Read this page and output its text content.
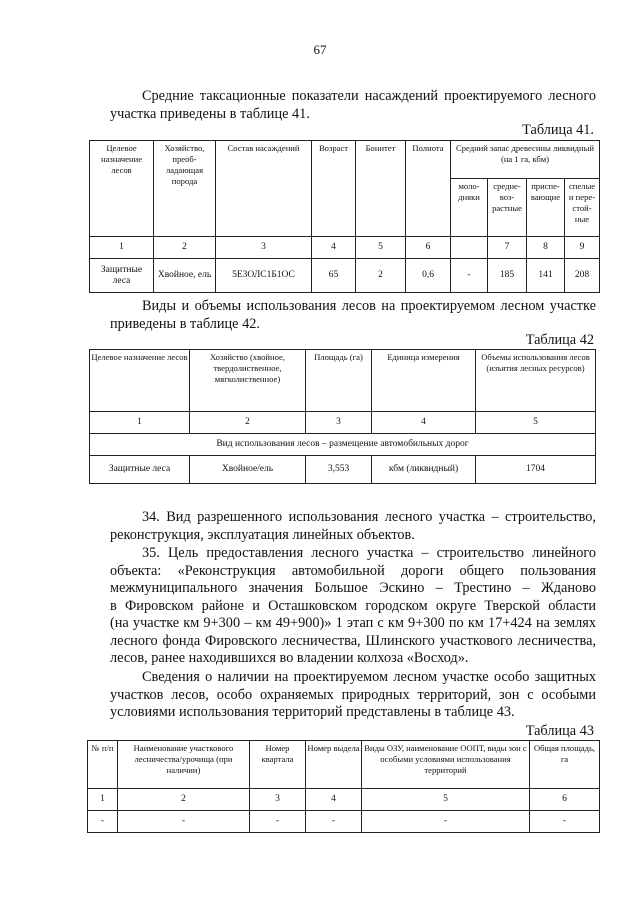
67
Средние таксационные показатели насаждений проектируемого лесного
участка приведены в таблице 41.
Таблица 41.
Целевое назначение лесов	Хозяйство, преоб-ладающая порода	Состав насаждений	Возраст	Бонитет	Полнота	Средний запас древесины ликвидный (на 1 га, кбм)			
						моло-дняки	средне-воз-растные	приспе-вающие	спелые и пере-стой-ные
1	2	3	4	5	6		7	8	9
Защитные леса	Хвойное, ель	5Е3ОЛС1Б1ОС	65	2	0,6	-	185	141	208
Виды и объемы использования лесов на проектируемом лесном участке
приведены в таблице 42.
Таблица 42
Целевое назначение лесов	Хозяйство (хвойное, твердолиственное, мягколиственное)	Площадь (га)	Единица измерения	Объемы использования лесов (изъятия лесных ресурсов)
1	2	3	4	5
Вид использования лесов – размещение автомобильных дорог				
Защитные леса	Хвойное/ель	3,553	кбм (ликвидный)	1704
34. Вид разрешенного использования лесного участка – строительство,
реконструкция, эксплуатация линейных объектов.
35. Цель предоставления лесного участка – строительство линейного
объекта: «Реконструкция автомобильной дороги общего пользования
межмуниципального значения Большое Эскино – Трестино – Жданово
в Фировском районе и Осташковском городском округе Тверской области
(на участке км 9+300 – км 49+900)» 1 этап с км 9+300 по км 17+424 на землях
лесного фонда Фировского лесничества, Шлинского участкового лесничества,
лесов, ранее находившихся во владении колхоза «Восход».
Сведения о наличии на проектируемом лесном участке особо защитных
участков лесов, особо охраняемых природных территорий, зон с особыми
условиями использования территорий представлены в таблице 43.
Таблица 43
№ п/п	Наименование участкового лесничества/урочища (при наличии)	Номер квартала	Номер выдела	Виды ОЗУ, наименование ООПТ, виды зон с особыми условиями использования территорий	Общая площадь, га
1	2	3	4	5	6
-	-	-	-	-	-
